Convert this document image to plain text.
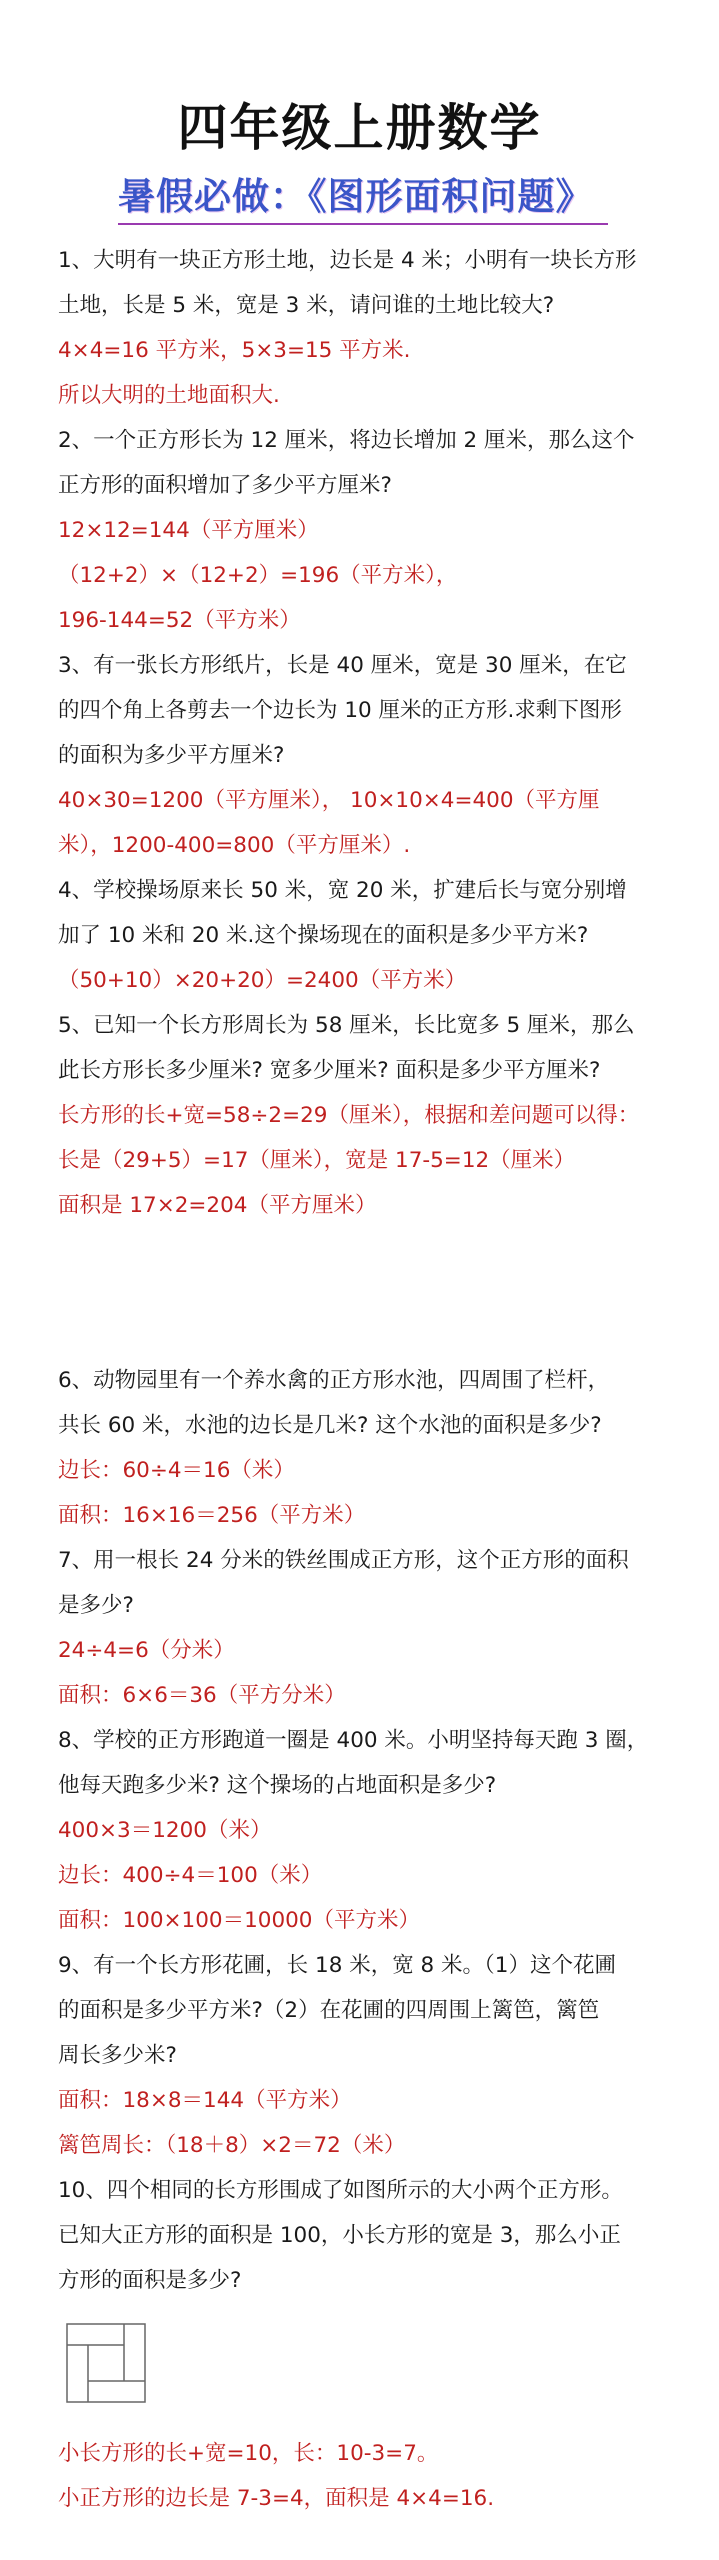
四年级上册数学
暑假必做：《图形面积问题》
1、大明有一块正方形土地，边长是 4 米；小明有一块长方形
土地，长是 5 米，宽是 3 米，请问谁的土地比较大?
4×4=16 平方米，5×3=15 平方米.
所以大明的土地面积大.
2、一个正方形长为 12 厘米，将边长增加 2 厘米，那么这个
正方形的面积增加了多少平方厘米?
12×12=144（平方厘米）
（12+2）×（12+2）=196（平方米），
196-144=52（平方米）
3、有一张长方形纸片，长是 40 厘米，宽是 30 厘米，在它
的四个角上各剪去一个边长为 10 厘米的正方形.求剩下图形
的面积为多少平方厘米?
40×30=1200（平方厘米）， 10×10×4=400（平方厘
米），1200-400=800（平方厘米）.
4、学校操场原来长 50 米，宽 20 米，扩建后长与宽分别增
加了 10 米和 20 米.这个操场现在的面积是多少平方米?
（50+10）×20+20）=2400（平方米）
5、已知一个长方形周长为 58 厘米，长比宽多 5 厘米，那么
此长方形长多少厘米? 宽多少厘米? 面积是多少平方厘米?
长方形的长+宽=58÷2=29（厘米），根据和差问题可以得：
长是（29+5）=17（厘米），宽是 17-5=12（厘米）
面积是 17×2=204（平方厘米）
6、动物园里有一个养水禽的正方形水池，四周围了栏杆，
共长 60 米，水池的边长是几米? 这个水池的面积是多少?
边长：60÷4＝16（米）
面积：16×16＝256（平方米）
7、用一根长 24 分米的铁丝围成正方形，这个正方形的面积
是多少?
24÷4=6（分米）
面积：6×6＝36（平方分米）
8、学校的正方形跑道一圈是 400 米。小明坚持每天跑 3 圈，
他每天跑多少米? 这个操场的占地面积是多少?
400×3＝1200（米）
边长：400÷4＝100（米）
面积：100×100＝10000（平方米）
9、有一个长方形花圃，长 18 米，宽 8 米。（1）这个花圃
的面积是多少平方米?（2）在花圃的四周围上篱笆，篱笆
周长多少米?
面积：18×8＝144（平方米）
篱笆周长：（18＋8）×2＝72（米）
10、四个相同的长方形围成了如图所示的大小两个正方形。
已知大正方形的面积是 100，小长方形的宽是 3，那么小正
方形的面积是多少?
小长方形的长+宽=10，长：10-3=7。
小正方形的边长是 7-3=4，面积是 4×4=16.
